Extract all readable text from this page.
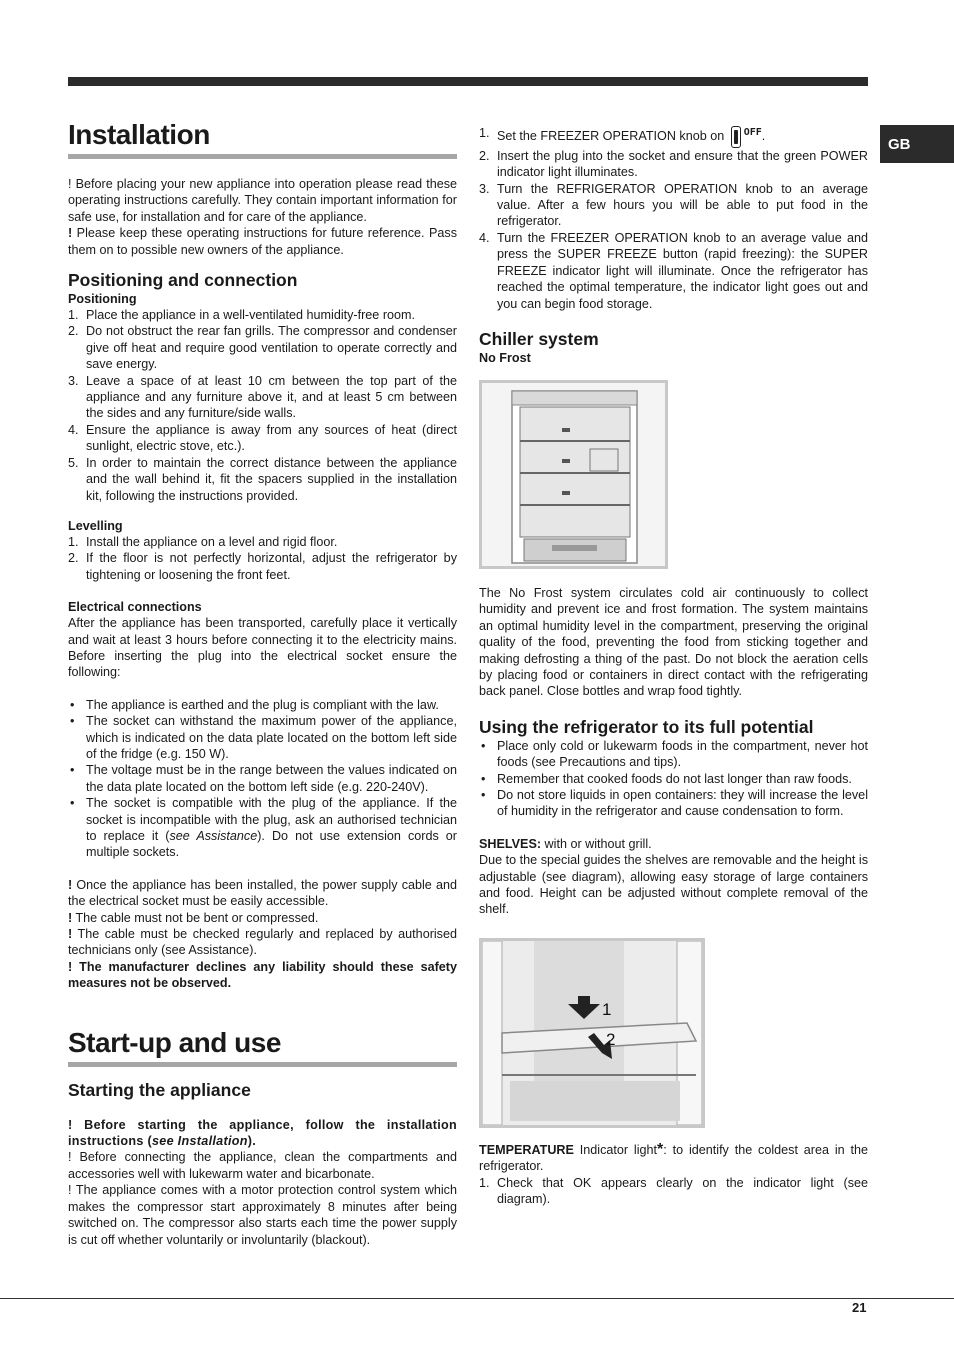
GB
Installation

! Before placing your new appliance into operation please read these operating instructions carefully. They contain important information for safe use, for installation and for care of the appliance.

! Please keep these operating instructions for future reference. Pass them on to possible new owners of the appliance.

Positioning and connection
Positioning
1. Place the appliance in a well-ventilated humidity-free room.
2. Do not obstruct the rear fan grills. The compressor and condenser give off heat and require good ventilation to operate correctly and save energy.
3. Leave a space of at least 10 cm between the top part of the appliance and any furniture above it, and at least 5 cm between the sides and any furniture/side walls.
4. Ensure the appliance is away from any sources of heat (direct sunlight, electric stove, etc.).
5. In order to maintain the correct distance between the appliance and the wall behind it, fit the spacers supplied in the installation kit, following the instructions provided.
Levelling
1. Install the appliance on a level and rigid floor.
2. If the floor is not perfectly horizontal, adjust the refrigerator by tightening or loosening the front feet.
Electrical connections

After the appliance has been transported, carefully place it vertically and wait at least 3 hours before connecting it to the electricity mains. Before inserting the plug into the electrical socket ensure the following:

• The appliance is earthed and the plug is compliant with the law.
• The socket can withstand the maximum power of the appliance, which is indicated on the data plate located on the bottom left side of the fridge (e.g. 150 W).
• The voltage must be in the range between the values indicated on the data plate located on the bottom left side (e.g. 220-240V).
• The socket is compatible with the plug of the appliance. If the socket is incompatible with the plug, ask an authorised technician to replace it (see Assistance). Do not use extension cords or multiple sockets.

! Once the appliance has been installed, the power supply cable and the electrical socket must be easily accessible.

! The cable must not be bent or compressed.

! The cable must be checked regularly and replaced by authorised technicians only (see Assistance).

! The manufacturer declines any liability should these safety measures not be observed.

Start-up and use
Starting the appliance

! Before starting the appliance, follow the installation instructions (see Installation).

! Before connecting the appliance, clean the compartments and accessories well with lukewarm water and bicarbonate.

! The appliance comes with a motor protection control system which makes the compressor start approximately 8 minutes after being switched on. The compressor also starts each time the power supply is cut off whether voluntarily or involuntarily (blackout).

1. Set the FREEZER OPERATION knob on $^{OFF}$.
2. Insert the plug into the socket and ensure that the green POWER indicator light illuminates.
3. Turn the REFRIGERATOR OPERATION knob to an average value. After a few hours you will be able to put food in the refrigerator.
4. Turn the FREEZER OPERATION knob to an average value and press the SUPER FREEZE button (rapid freezing): the SUPER FREEZE indicator light will illuminate. Once the refrigerator has reached the optimal temperature, the indicator light goes out and you can begin food storage.
Chiller system
No Frost

The No Frost system circulates cold air continuously to collect humidity and prevent ice and frost formation. The system maintains an optimal humidity level in the compartment, preserving the original quality of the food, preventing the food from sticking together and making defrosting a thing of the past. Do not block the aeration cells by placing food or containers in direct contact with the refrigerating back panel. Close bottles and wrap food tightly.

Using the refrigerator to its full potential
• Place only cold or lukewarm foods in the compartment, never hot foods (see Precautions and tips).
• Remember that cooked foods do not last longer than raw foods.
• Do not store liquids in open containers: they will increase the level of humidity in the refrigerator and cause condensation to form.

SHELVES: with or without grill.

Due to the special guides the shelves are removable and the height is adjustable (see diagram), allowing easy storage of large containers and food. Height can be adjusted without complete removal of the shelf.

1
2

TEMPERATURE Indicator light*: to identify the coldest area in the refrigerator.

1. Check that OK appears clearly on the indicator light (see diagram).
21
